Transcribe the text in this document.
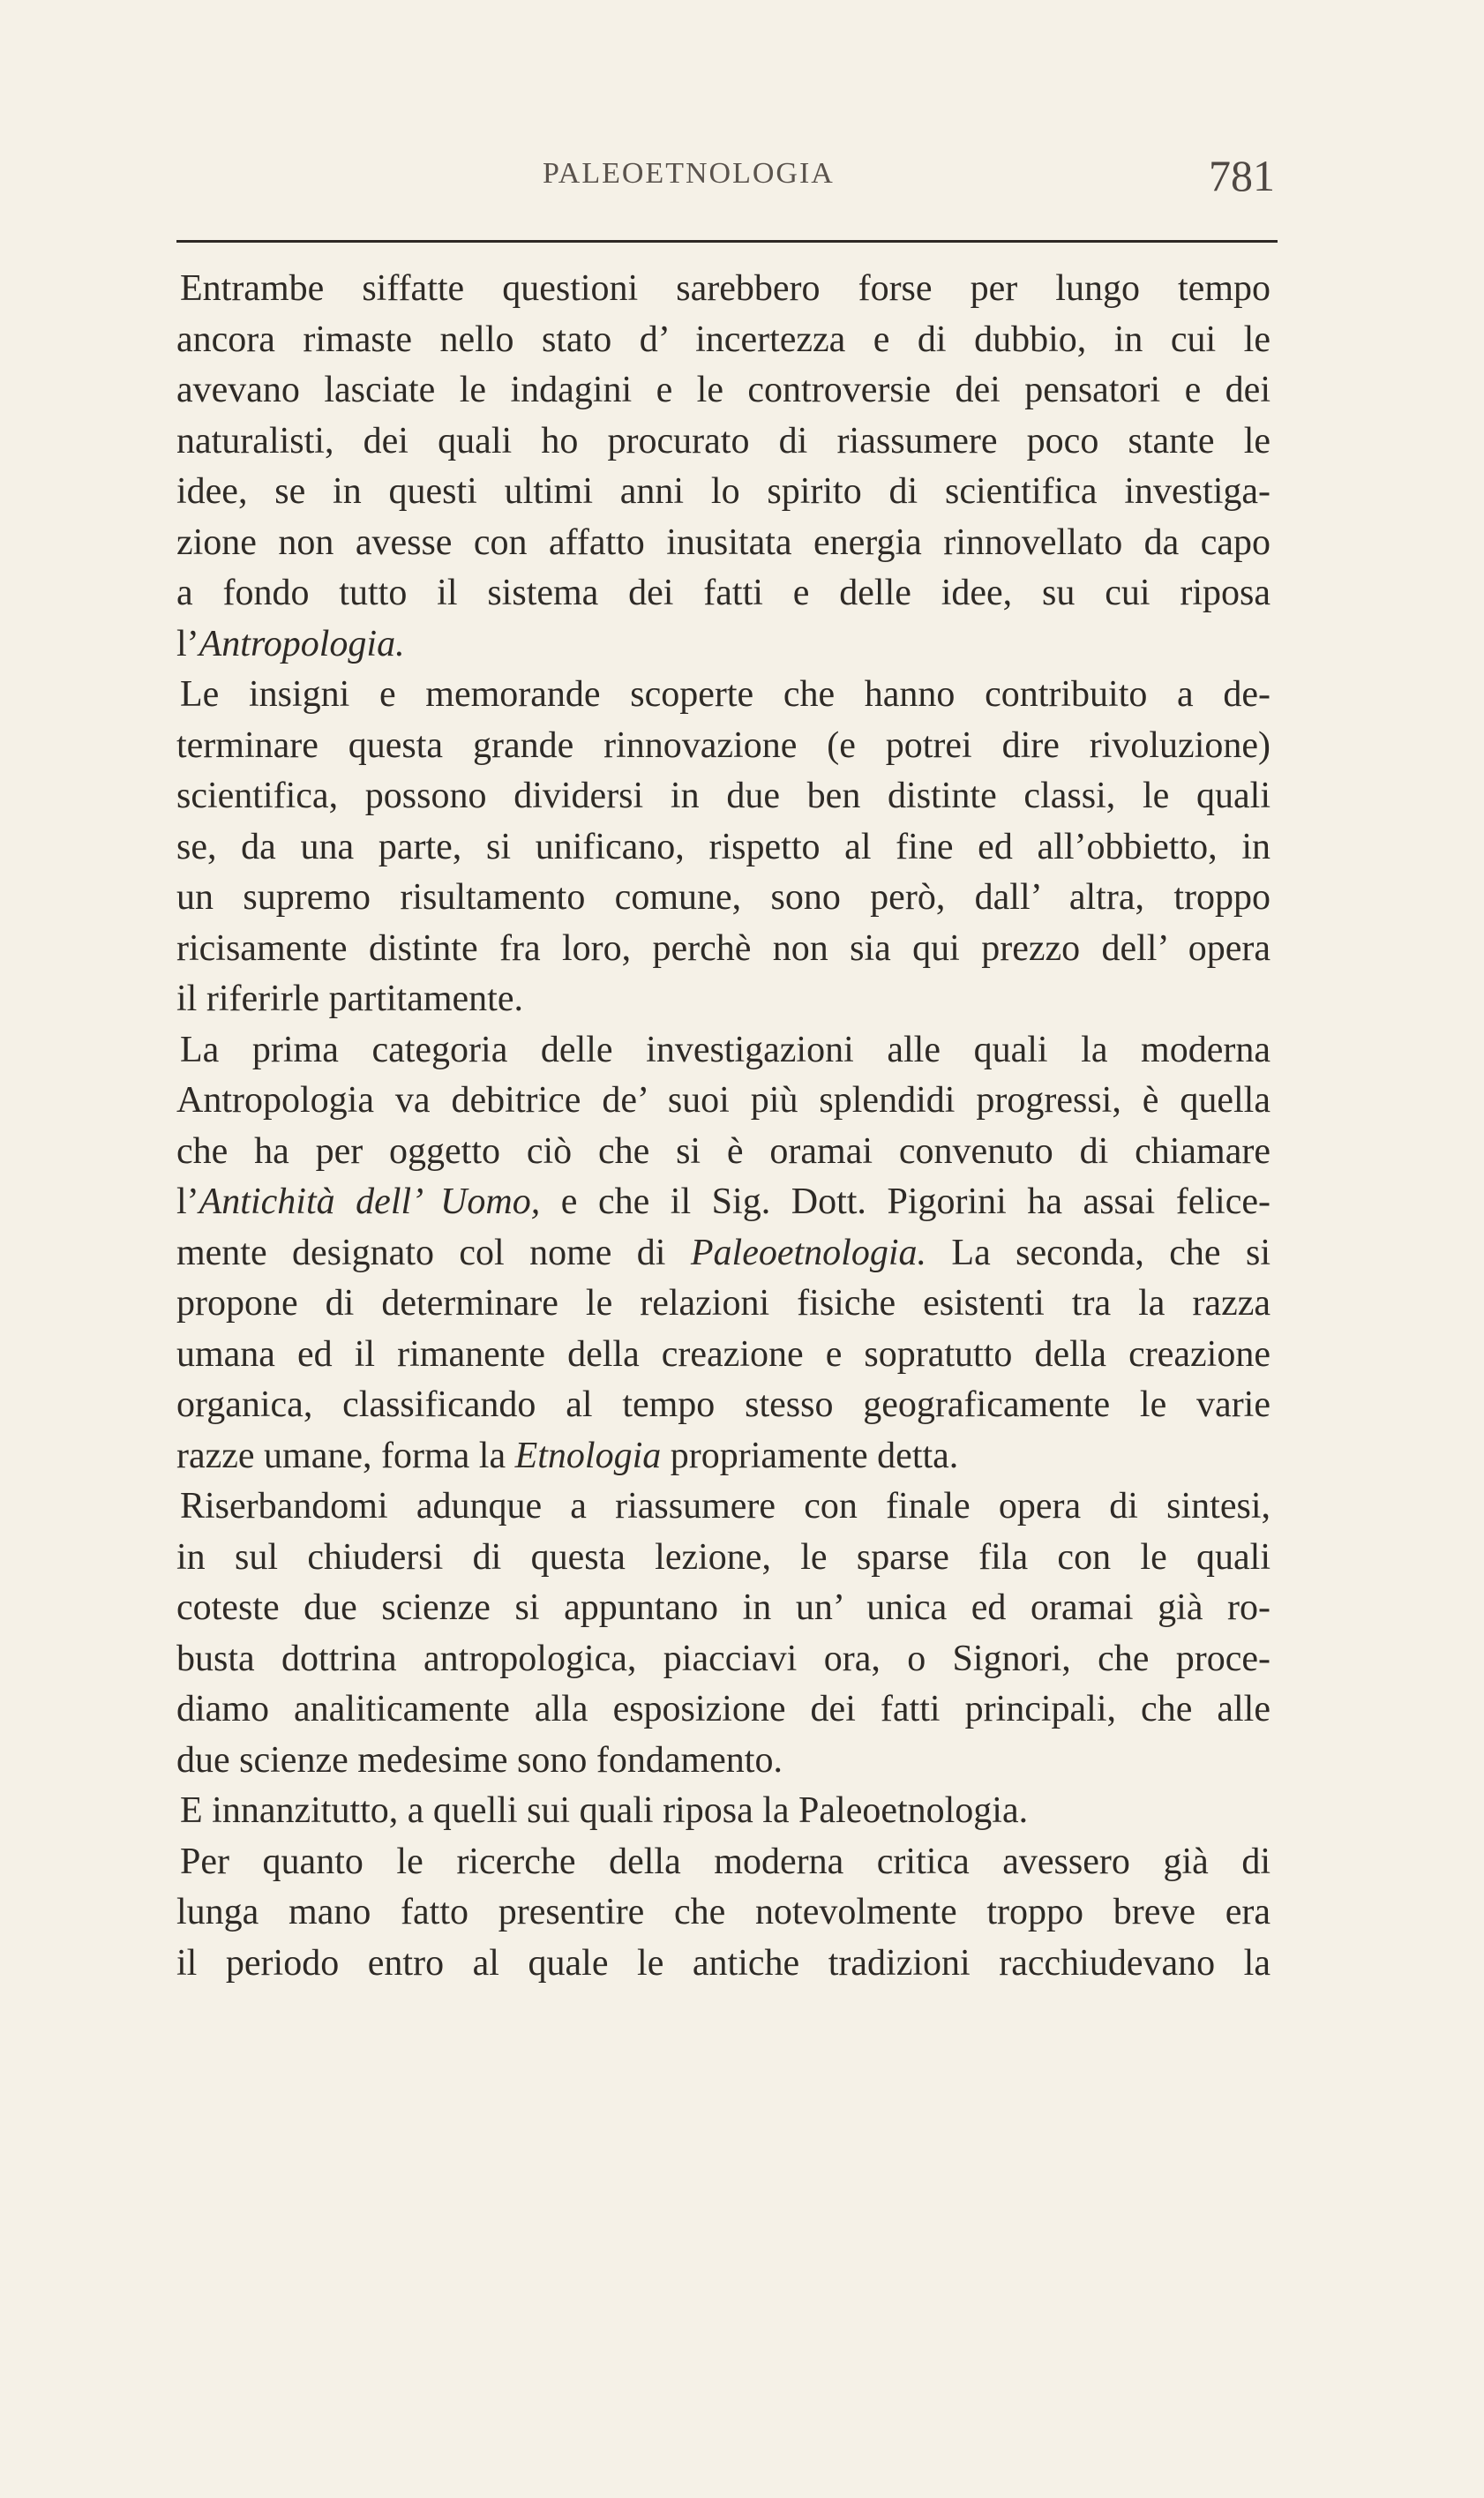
PALEOETNOLOGIA	781
Entrambe siffatte questioni sarebbero forse per lungo tempo
ancora rimaste nello stato d’ incertezza e di dubbio, in cui le
avevano lasciate le indagini e le controversie dei pensatori e dei
naturalisti, dei quali ho procurato di riassumere poco stante le
idee, se in questi ultimi anni lo spirito di scientifica investiga-
zione non avesse con affatto inusitata energia rinnovellato da capo
a fondo tutto il sistema dei fatti e delle idee, su cui riposa
l’Antropologia.
Le insigni e memorande scoperte che hanno contribuito a de-
terminare questa grande rinnovazione (e potrei dire rivoluzione)
scientifica, possono dividersi in due ben distinte classi, le quali
se, da una parte, si unificano, rispetto al fine ed all’obbietto, in
un supremo risultamento comune, sono però, dall’ altra, troppo
ricisamente distinte fra loro, perchè non sia qui prezzo dell’ opera
il riferirle partitamente.
La prima categoria delle investigazioni alle quali la moderna
Antropologia va debitrice de’ suoi più splendidi progressi, è quella
che ha per oggetto ciò che si è oramai convenuto di chiamare
l’Antichità dell’ Uomo, e che il Sig. Dott. Pigorini ha assai felice-
mente designato col nome di Paleoetnologia. La seconda, che si
propone di determinare le relazioni fisiche esistenti tra la razza
umana ed il rimanente della creazione e sopratutto della creazione
organica, classificando al tempo stesso geograficamente le varie
razze umane, forma la Etnologia propriamente detta.
Riserbandomi adunque a riassumere con finale opera di sintesi,
in sul chiudersi di questa lezione, le sparse fila con le quali
coteste due scienze si appuntano in un’ unica ed oramai già ro-
busta dottrina antropologica, piacciavi ora, o Signori, che proce-
diamo analiticamente alla esposizione dei fatti principali, che alle
due scienze medesime sono fondamento.
E innanzitutto, a quelli sui quali riposa la Paleoetnologia.
Per quanto le ricerche della moderna critica avessero già di
lunga mano fatto presentire che notevolmente troppo breve era
il periodo entro al quale le antiche tradizioni racchiudevano la
